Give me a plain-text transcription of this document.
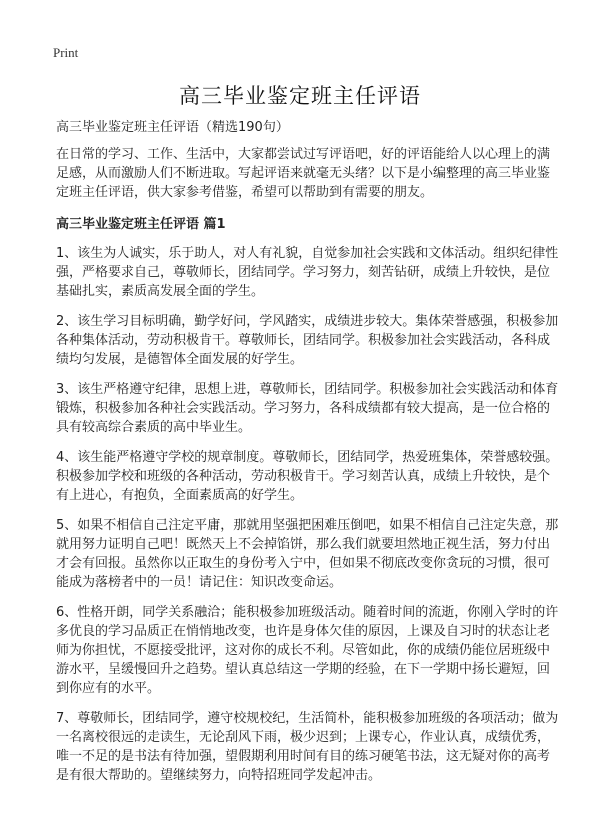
Print
高三毕业鉴定班主任评语

高三毕业鉴定班主任评语（精选190句）

在日常的学习、工作、生活中，大家都尝试过写评语吧，好的评语能给人以心理上的满足感，从而激励人们不断进取。写起评语来就毫无头绪？以下是小编整理的高三毕业鉴定班主任评语，供大家参考借鉴，希望可以帮助到有需要的朋友。

高三毕业鉴定班主任评语 篇1

1、该生为人诚实，乐于助人，对人有礼貌，自觉参加社会实践和文体活动。组织纪律性强，严格要求自己，尊敬师长，团结同学。学习努力，刻苦钻研，成绩上升较快，是位基础扎实，素质高发展全面的学生。

2、该生学习目标明确，勤学好问，学风踏实，成绩进步较大。集体荣誉感强，积极参加各种集体活动，劳动积极肯干。尊敬师长，团结同学。积极参加社会实践活动，各科成绩均匀发展，是德智体全面发展的好学生。

3、该生严格遵守纪律，思想上进，尊敬师长，团结同学。积极参加社会实践活动和体育锻炼，积极参加各种社会实践活动。学习努力，各科成绩都有较大提高，是一位合格的具有较高综合素质的高中毕业生。

4、该生能严格遵守学校的规章制度。尊敬师长，团结同学，热爱班集体，荣誉感较强。积极参加学校和班级的各种活动，劳动积极肯干。学习刻苦认真，成绩上升较快，是个有上进心，有抱负，全面素质高的好学生。

5、如果不相信自己注定平庸，那就用坚强把困难压倒吧，如果不相信自己注定失意，那就用努力证明自己吧！既然天上不会掉馅饼，那么我们就要坦然地正视生活，努力付出才会有回报。虽然你以正取生的身份考入宁中，但如果不彻底改变你贪玩的习惯，很可能成为落榜者中的一员！请记住：知识改变命运。

6、性格开朗，同学关系融洽；能积极参加班级活动。随着时间的流逝，你刚入学时的许多优良的学习品质正在悄悄地改变，也许是身体欠佳的原因，上课及自习时的状态让老师为你担忧，不愿接受批评，这对你的成长不利。尽管如此，你的成绩仍能位居班级中游水平，呈缓慢回升之趋势。望认真总结这一学期的经验，在下一学期中扬长避短，回到你应有的水平。

7、尊敬师长，团结同学，遵守校规校纪，生活简朴，能积极参加班级的各项活动；做为一名离校很远的走读生，无论刮风下雨，极少迟到；上课专心，作业认真，成绩优秀，唯一不足的是书法有待加强，望假期利用时间有目的练习硬笔书法，这无疑对你的高考是有很大帮助的。望继续努力，向特招班同学发起冲击。
